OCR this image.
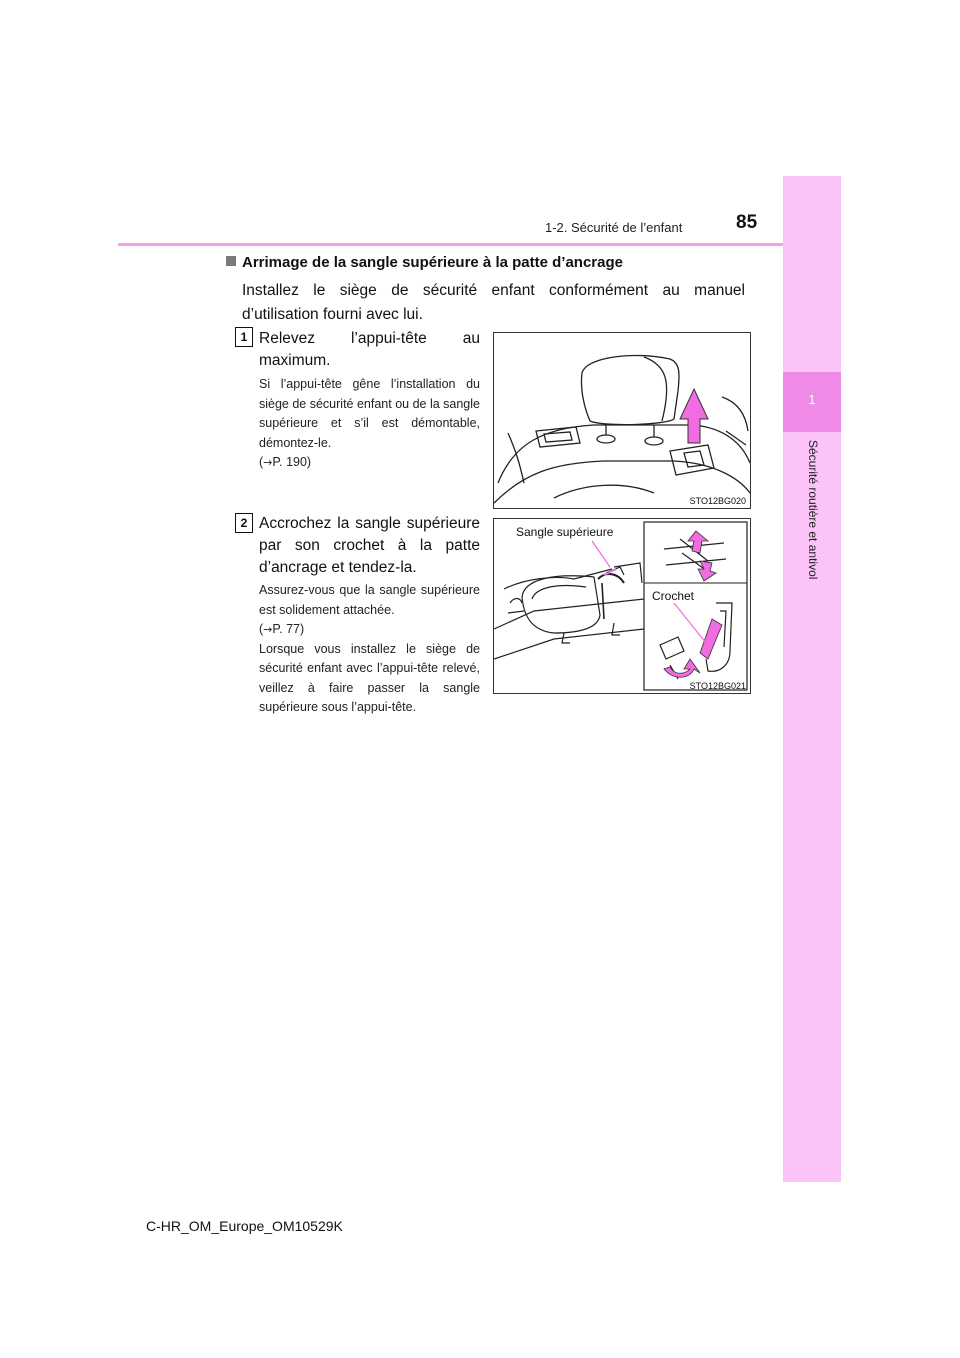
1-2. Sécurité de l’enfant	85
1
Sécurité routière et antivol
Arrimage de la sangle supérieure à la patte d’ancrage
Installez le siège de sécurité enfant conformément au manuel d’utilisation fourni avec lui.
1 Relevez l’appui-tête au maximum.

Si l’appui-tête gêne l’installation du siège de sécurité enfant ou de la sangle supérieure et s’il est démontable, démontez-le.

(→P. 190)

STO12BG020
2 Accrochez la sangle supérieure par son crochet à la patte d’ancrage et tendez-la.

Assurez-vous que la sangle supérieure est solidement attachée.

(→P. 77)

Lorsque vous installez le siège de sécurité enfant avec l’appui-tête relevé, veillez à faire passer la sangle supérieure sous l’appui-tête.

Sangle supérieure
Crochet
STO12BG021
C-HR_OM_Europe_OM10529K
